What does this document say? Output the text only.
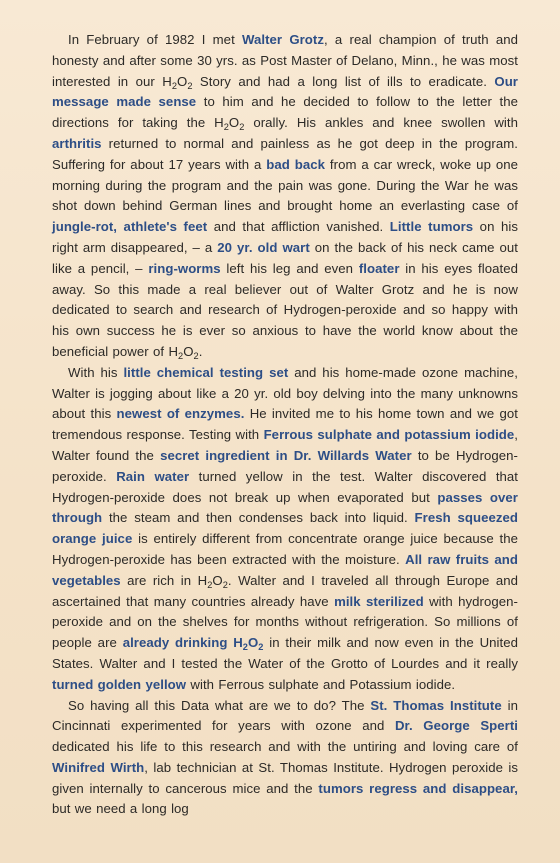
In February of 1982 I met Walter Grotz, a real champion of truth and honesty and after some 30 yrs. as Post Master of Delano, Minn., he was most interested in our $H_2O_2$ Story and had a long list of ills to eradicate. Our message made sense to him and he decided to follow to the letter the directions for taking the $H_2O_2$ orally. His ankles and knee swollen with arthritis returned to normal and painless as he got deep in the program. Suffering for about 17 years with a bad back from a car wreck, woke up one morning during the program and the pain was gone. During the War he was shot down behind German lines and brought home an everlasting case of jungle-rot, athlete's feet and that affliction vanished. Little tumors on his right arm disappeared, – a 20 yr. old wart on the back of his neck came out like a pencil, – ring-worms left his leg and even floater in his eyes floated away. So this made a real believer out of Walter Grotz and he is now dedicated to search and research of Hydrogen-peroxide and so happy with his own success he is ever so anxious to have the world know about the beneficial power of $H_2O_2$.

With his little chemical testing set and his home-made ozone machine, Walter is jogging about like a 20 yr. old boy delving into the many unknowns about this newest of enzymes. He invited me to his home town and we got tremendous response. Testing with Ferrous sulphate and potassium iodide, Walter found the secret ingredient in Dr. Willards Water to be Hydrogen-peroxide. Rain water turned yellow in the test. Walter discovered that Hydrogen-peroxide does not break up when evaporated but passes over through the steam and then condenses back into liquid. Fresh squeezed orange juice is entirely different from concentrate orange juice because the Hydrogen-peroxide has been extracted with the moisture. All raw fruits and vegetables are rich in $H_2O_2$. Walter and I traveled all through Europe and ascertained that many countries already have milk sterilized with hydrogen-peroxide and on the shelves for months without refrigeration. So millions of people are already drinking $H_2O_2$ in their milk and now even in the United States. Walter and I tested the Water of the Grotto of Lourdes and it really turned golden yellow with Ferrous sulphate and Potassium iodide.

So having all this Data what are we to do? The St. Thomas Institute in Cincinnati experimented for years with ozone and Dr. George Sperti dedicated his life to this research and with the untiring and loving care of Winifred Wirth, lab technician at St. Thomas Institute. Hydrogen peroxide is given internally to cancerous mice and the tumors regress and disappear, but we need a long log
